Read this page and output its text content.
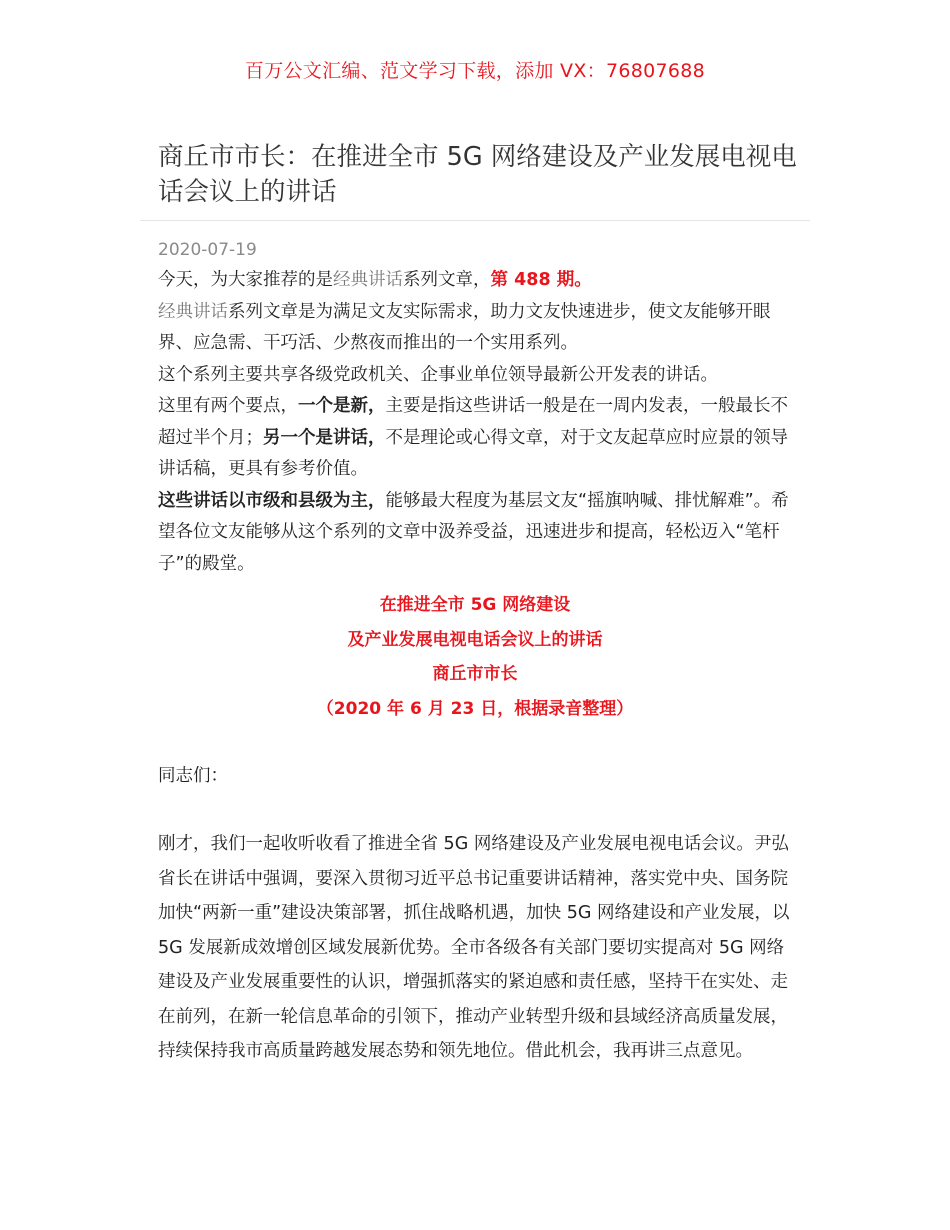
百万公文汇编、范文学习下载，添加 VX：76807688
商丘市市长：在推进全市 5G 网络建设及产业发展电视电话会议上的讲话
2020-07-19

今天，为大家推荐的是经典讲话系列文章，第 488 期。

经典讲话系列文章是为满足文友实际需求，助力文友快速进步，使文友能够开眼界、应急需、干巧活、少熬夜而推出的一个实用系列。

这个系列主要共享各级党政机关、企事业单位领导最新公开发表的讲话。

这里有两个要点，一个是新，主要是指这些讲话一般是在一周内发表，一般最长不超过半个月；另一个是讲话，不是理论或心得文章，对于文友起草应时应景的领导讲话稿，更具有参考价值。

这些讲话以市级和县级为主，能够最大程度为基层文友“摇旗呐喊、排忧解难”。希望各位文友能够从这个系列的文章中汲养受益，迅速进步和提高，轻松迈入“笔杆子”的殿堂。

在推进全市 5G 网络建设
及产业发展电视电话会议上的讲话
商丘市市长
（2020 年 6 月 23 日，根据录音整理）
同志们：

刚才，我们一起收听收看了推进全省 5G 网络建设及产业发展电视电话会议。尹弘省长在讲话中强调，要深入贯彻习近平总书记重要讲话精神，落实党中央、国务院加快“两新一重”建设决策部署，抓住战略机遇，加快 5G 网络建设和产业发展，以 5G 发展新成效增创区域发展新优势。全市各级各有关部门要切实提高对 5G 网络建设及产业发展重要性的认识，增强抓落实的紧迫感和责任感，坚持干在实处、走在前列，在新一轮信息革命的引领下，推动产业转型升级和县域经济高质量发展，持续保持我市高质量跨越发展态势和领先地位。借此机会，我再讲三点意见。
